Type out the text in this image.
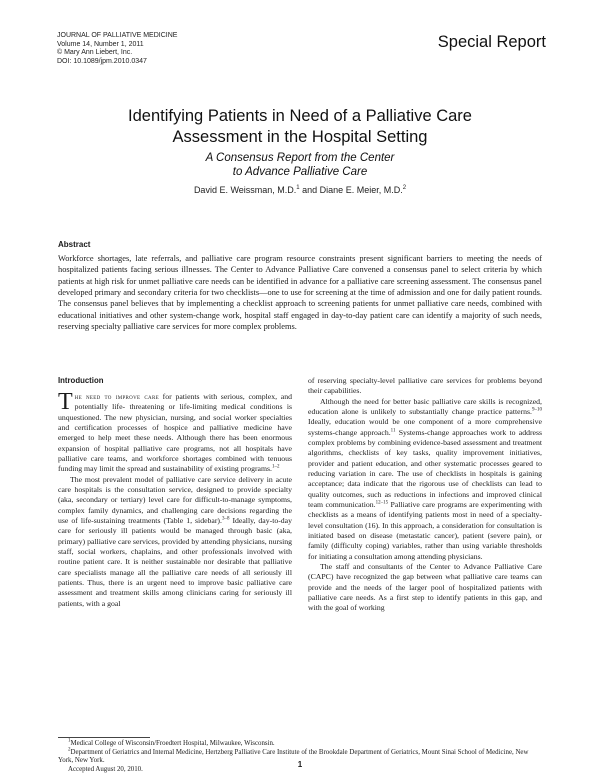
JOURNAL OF PALLIATIVE MEDICINE
Volume 14, Number 1, 2011
© Mary Ann Liebert, Inc.
DOI: 10.1089/jpm.2010.0347
Special Report
Identifying Patients in Need of a Palliative Care
Assessment in the Hospital Setting
A Consensus Report from the Center
to Advance Palliative Care
David E. Weissman, M.D.$^1$ and Diane E. Meier, M.D.$^2$
Abstract
Workforce shortages, late referrals, and palliative care program resource constraints present significant barriers to meeting the needs of hospitalized patients facing serious illnesses. The Center to Advance Palliative Care convened a consensus panel to select criteria by which patients at high risk for unmet palliative care needs can be identified in advance for a palliative care screening assessment. The consensus panel developed primary and secondary criteria for two checklists—one to use for screening at the time of admission and one for daily patient rounds. The consensus panel believes that by implementing a checklist approach to screening patients for unmet palliative care needs, combined with educational initiatives and other system-change work, hospital staff engaged in day-to-day patient care can identify a majority of such needs, reserving specialty palliative care services for more complex problems.
Introduction

The need to improve care for patients with serious, complex, and potentially life- threatening or life-limiting medical conditions is unquestioned. The new physician, nursing, and social worker specialties and certification processes of hospice and palliative medicine have emerged to help meet these needs. Although there has been enormous expansion of hospital palliative care programs, not all hospitals have palliative care teams, and workforce shortages combined with tenuous funding may limit the spread and sustainability of existing programs.$^{1-2}$

The most prevalent model of palliative care service delivery in acute care hospitals is the consultation service, designed to provide specialty (aka, secondary or tertiary) level care for difficult-to-manage symptoms, complex family dynamics, and challenging care decisions regarding the use of life-sustaining treatments (Table 1, sidebar).$^{3-8}$ Ideally, day-to-day care for seriously ill patients would be managed through basic (aka, primary) palliative care services, provided by attending physicians, nursing staff, social workers, chaplains, and other professionals involved with routine patient care. It is neither sustainable nor desirable that palliative care specialists manage all the palliative care needs of all seriously ill patients. Thus, there is an urgent need to improve basic palliative care assessment and treatment skills among clinicians caring for seriously ill patients, with a goal

of reserving specialty-level palliative care services for problems beyond their capabilities.

Although the need for better basic palliative care skills is recognized, education alone is unlikely to substantially change practice patterns.$^{9-10}$ Ideally, education would be one component of a more comprehensive systems-change approach.$^{11}$ Systems-change approaches work to address complex problems by combining evidence-based assessment and treatment algorithms, checklists of key tasks, quality improvement initiatives, provider and patient education, and other systematic processes geared to reducing variation in care. The use of checklists in hospitals is gaining acceptance; data indicate that the rigorous use of checklists can lead to quality outcomes, such as reductions in infections and improved clinical team communication.$^{12-15}$ Palliative care programs are experimenting with checklists as a means of identifying patients most in need of a specialty-level consultation (16). In this approach, a consideration for consultation is initiated based on disease (metastatic cancer), patient (severe pain), or family (difficulty coping) variables, rather than using variable thresholds for initiating a consultation among attending physicians.

The staff and consultants of the Center to Advance Palliative Care (CAPC) have recognized the gap between what palliative care teams can provide and the needs of the larger pool of hospitalized patients with palliative care needs. As a first step to identify patients in this gap, and with the goal of working

$^1$Medical College of Wisconsin/Froedtert Hospital, Milwaukee, Wisconsin.

$^2$Department of Geriatrics and Internal Medicine, Hertzberg Palliative Care Institute of the Brookdale Department of Geriatrics, Mount Sinai School of Medicine, New York, New York.

Accepted August 20, 2010.	1
